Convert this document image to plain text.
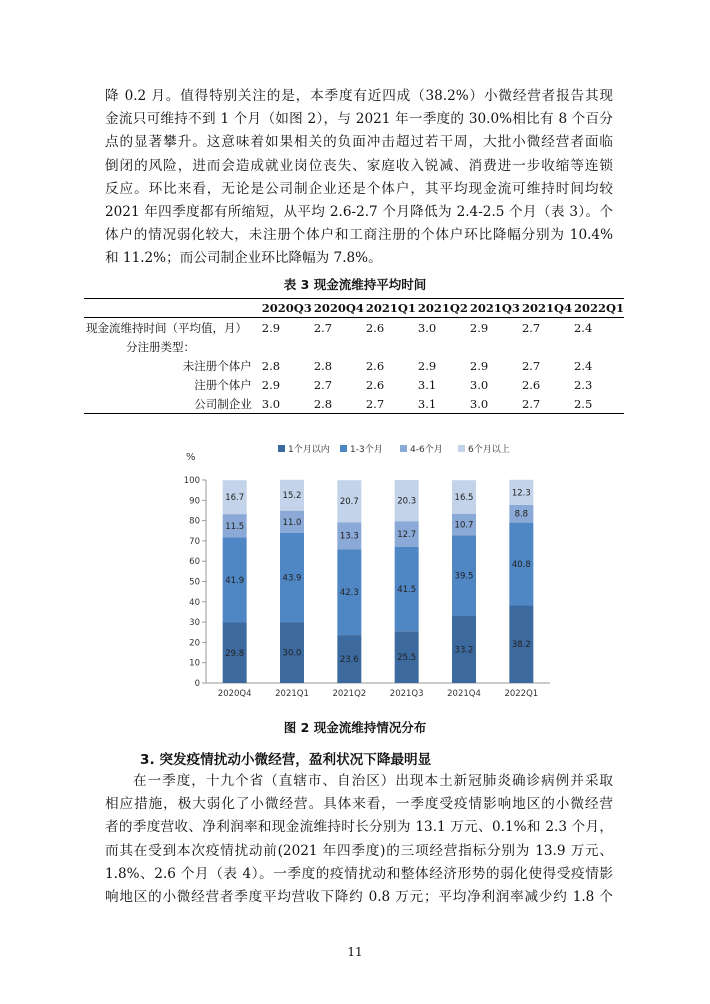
降 0.2 月。值得特别关注的是，本季度有近四成（38.2%）小微经营者报告其现
金流只可维持不到 1 个月（如图 2），与 2021 年一季度的 30.0%相比有 8 个百分
点的显著攀升。这意味着如果相关的负面冲击超过若干周，大批小微经营者面临
倒闭的风险，进而会造成就业岗位丧失、家庭收入锐减、消费进一步收缩等连锁
反应。环比来看，无论是公司制企业还是个体户，其平均现金流可维持时间均较
2021 年四季度都有所缩短，从平均 2.6-2.7 个月降低为 2.4-2.5 个月（表 3）。个
体户的情况弱化较大，未注册个体户和工商注册的个体户环比降幅分别为 10.4%
和 11.2%；而公司制企业环比降幅为 7.8%。
表 3 现金流维持平均时间
	2020Q3	2020Q4	2021Q1	2021Q2	2021Q3	2021Q4	2022Q1
现金流维持时间（平均值，月）	2.9	2.7	2.6	3.0	2.9	2.7	2.4
分注册类型：							
未注册个体户	2.8	2.8	2.6	2.9	2.9	2.7	2.4
注册个体户	2.9	2.7	2.6	3.1	3.0	2.6	2.3
公司制企业	3.0	2.8	2.7	3.1	3.0	2.7	2.5
%
0
10
20
30
40
50
60
70
80
90
100
1个月以内 1-3个月	4-6个月	6个月以上
29.8
41.9
11.5
16.7
2020Q4
30.0
43.9
11.0
15.2
2021Q1
23.6
42.3
13.3
20.7
2021Q2
25.5
41.5
12.7
20.3
2021Q3
33.2
39.5
10.7
16.5
2021Q4
38.2
40.8
8.8
12.3
2022Q1
图 2 现金流维持情况分布
3. 突发疫情扰动小微经营，盈利状况下降最明显
在一季度，十九个省（直辖市、自治区）出现本土新冠肺炎确诊病例并采取
相应措施，极大弱化了小微经营。具体来看，一季度受疫情影响地区的小微经营
者的季度营收、净利润率和现金流维持时长分别为 13.1 万元、0.1%和 2.3 个月，
而其在受到本次疫情扰动前(2021 年四季度)的三项经营指标分别为 13.9 万元、
1.8%、2.6 个月（表 4）。一季度的疫情扰动和整体经济形势的弱化使得受疫情影
响地区的小微经营者季度平均营收下降约 0.8 万元；平均净利润率减少约 1.8 个
11
